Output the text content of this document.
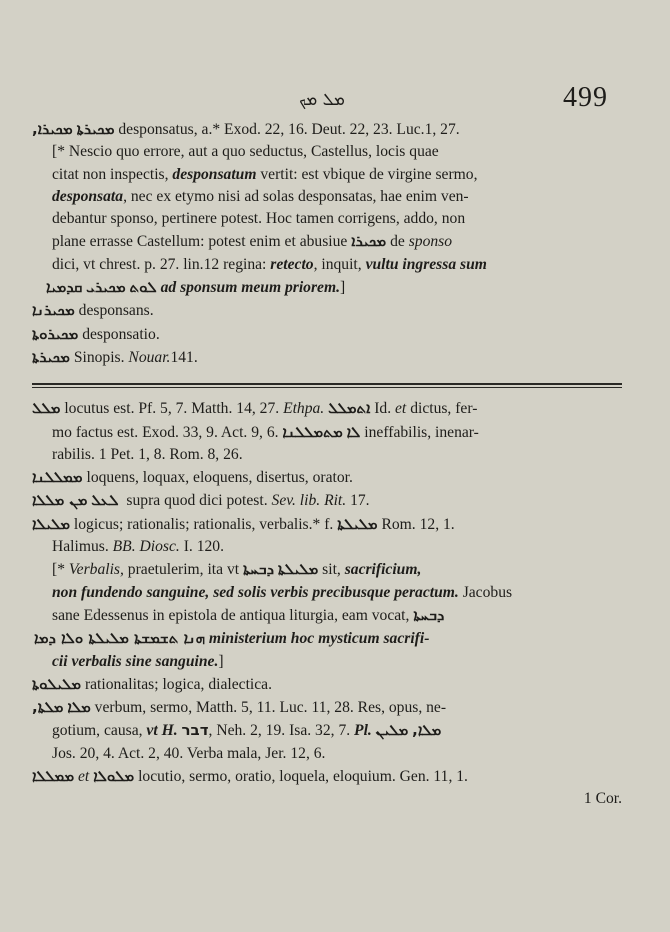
ܡܠ ܡܟ	499
ܡܟܝܪܐ, ܡܟܝܪܬܐ desponsatus, a.* Exod. 22, 16. Deut. 22, 23. Luc.1, 27.
[* Nescio quo errore, aut a quo seductus, Castellus, locis quae
citat non inspectis, desponsatum vertit: est vbique de virgine sermo,
desponsata, nec ex etymo nisi ad solas desponsatas, hae enim ven-
debantur sponso, pertinere potest. Hoc tamen corrigens, addo, non
plane errasse Castellum: potest enim et abusiue ܡܟܝܪܐ de sponso
dici, vt chrest. p. 27. lin.12 regina: retecto, inquit, vultu ingressa sum
ܩܕܡܝܐ ܡܟܝܪܝ ܠܘܬ ad sponsum meum priorem.]
ܡܟܝܪܢܐ desponsans.
ܡܟܝܪܘܬܐ desponsatio.
ܡܟܝܪܬܐ Sinopis. Nouar.141.
ܡܠܠ locutus est. Pf. 5, 7. Matth. 14, 27. Ethpa. ܐܬܡܠܠ Id. et dictus, fer-
mo factus est. Exod. 33, 9. Act. 9, 6. ܡܬܡܠܠܢܐ ܠܐ ineffabilis, inenar-
rabilis. 1 Pet. 1, 8. Rom. 8, 26.
ܡܡܠܠܢܐ loquens, loquax, eloquens, disertus, orator.
ܡܢ ܡܠܠܐ ܠܥܠ supra quod dici potest. Sev. lib. Rit. 17.
ܡܠܝܠܐ logicus; rationalis; rationalis, verbalis.* f. ܡܠܝܠܬܐ Rom. 12, 1.
Halimus. BB. Diosc. I. 120.
[* Verbalis, praetulerim, ita vt ܕܒܚܬܐ ܡܠܝܠܬܐ sit, sacrificium,
non fundendo sanguine, sed solis verbis precibusque peractum. Jacobus
sane Edessenus in epistola de antiqua liturgia, eam vocat, ܕܒܚܬܐ
ܗܢܐ ܬܫܡܫܬܐ ܡܠܝܠܬܐ ܘܠܐ ܕܡܐ ministerium hoc mysticum sacrifi-
cii verbalis sine sanguine.]
ܡܠܝܠܘܬܐ rationalitas; logica, dialectica.
ܡܠܬܐ, ܡܠܐ verbum, sermo, Matth. 5, 11. Luc. 11, 28. Res, opus, ne-
gotium, causa, vt H. דבר, Neh. 2, 19. Isa. 32, 7. Pl. ܡܠܝܢ ܡܠܐ,
Jos. 20, 4. Act. 2, 40. Verba mala, Jer. 12, 6.
ܡܡܠܠܐ et ܡܠܘܠܐ locutio, sermo, oratio, loquela, eloquium. Gen. 11, 1.
1 Cor.
